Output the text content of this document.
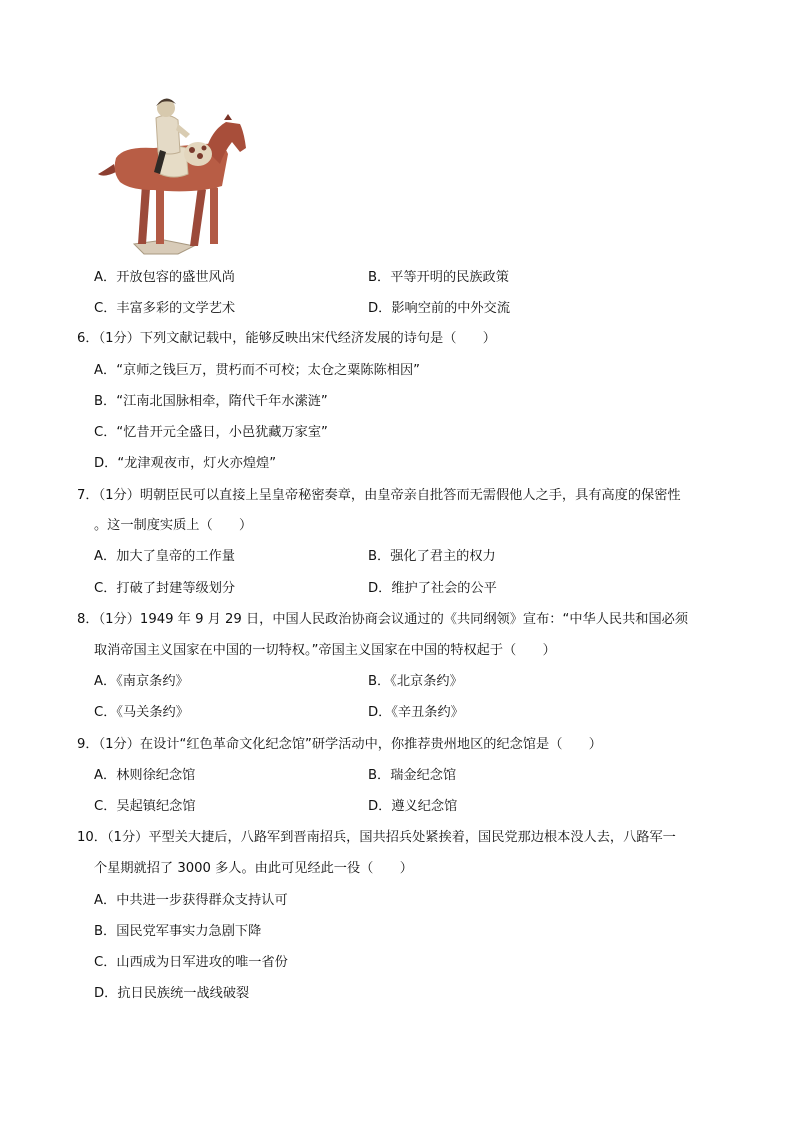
A．开放包容的盛世风尚	B．平等开明的民族政策
C．丰富多彩的文学艺术	D．影响空前的中外交流
6．（1分）下列文献记载中，能够反映出宋代经济发展的诗句是（　　）
A．“京师之钱巨万，贯朽而不可校；太仓之粟陈陈相因”
B．“江南北国脉相牵，隋代千年水潆涟”
C．“忆昔开元全盛日，小邑犹藏万家室”
D．“龙津观夜市，灯火亦煌煌”
7．（1分）明朝臣民可以直接上呈皇帝秘密奏章，由皇帝亲自批答而无需假他人之手，具有高度的保密性
。这一制度实质上（　　）
A．加大了皇帝的工作量	B．强化了君主的权力
C．打破了封建等级划分	D．维护了社会的公平
8．（1分）1949 年 9 月 29 日，中国人民政治协商会议通过的《共同纲领》宣布：“中华人民共和国必须
取消帝国主义国家在中国的一切特权。”帝国主义国家在中国的特权起于（　　）
A．《南京条约》	B．《北京条约》
C．《马关条约》	D．《辛丑条约》
9．（1分）在设计“红色革命文化纪念馆”研学活动中，你推荐贵州地区的纪念馆是（　　）
A．林则徐纪念馆	B．瑞金纪念馆
C．吴起镇纪念馆	D．遵义纪念馆
10．（1分）平型关大捷后，八路军到晋南招兵，国共招兵处紧挨着，国民党那边根本没人去，八路军一
个星期就招了 3000 多人。由此可见经此一役（　　）
A．中共进一步获得群众支持认可
B．国民党军事实力急剧下降
C．山西成为日军进攻的唯一省份
D．抗日民族统一战线破裂
